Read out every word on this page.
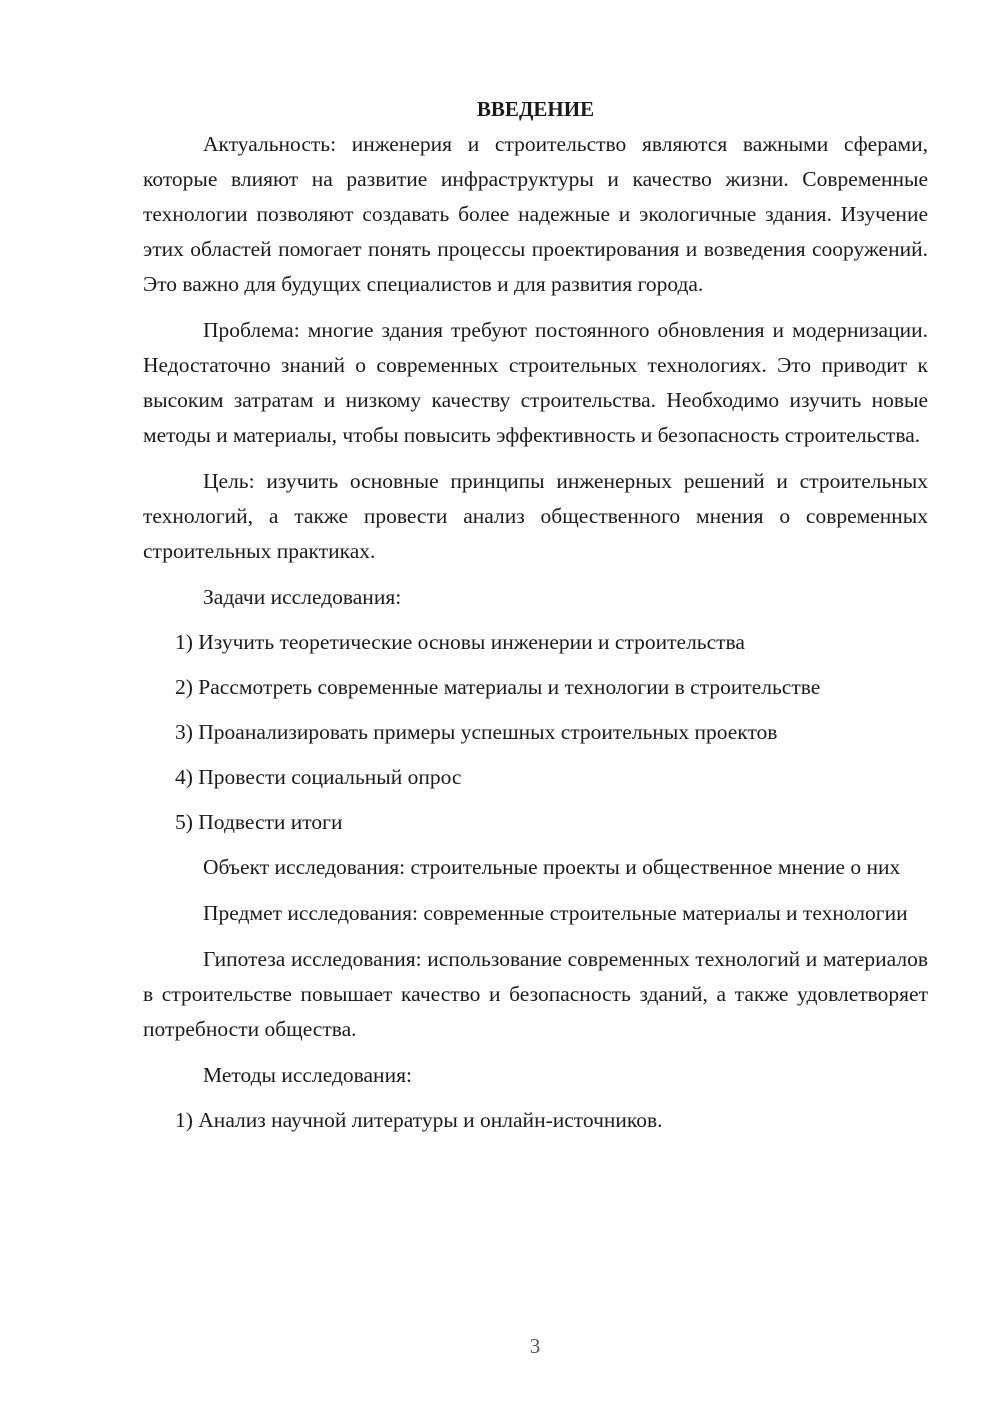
ВВЕДЕНИЕ

Актуальность: инженерия и строительство являются важными сферами, которые влияют на развитие инфраструктуры и качество жизни. Современные технологии позволяют создавать более надежные и экологичные здания. Изучение этих областей помогает понять процессы проектирования и возведения сооружений. Это важно для будущих специалистов и для развития города.

Проблема: многие здания требуют постоянного обновления и модернизации. Недостаточно знаний о современных строительных технологиях. Это приводит к высоким затратам и низкому качеству строительства. Необходимо изучить новые методы и материалы, чтобы повысить эффективность и безопасность строительства.

Цель: изучить основные принципы инженерных решений и строительных технологий, а также провести анализ общественного мнения о современных строительных практиках.

Задачи исследования:
1) Изучить теоретические основы инженерии и строительства
2) Рассмотреть современные материалы и технологии в строительстве
3) Проанализировать примеры успешных строительных проектов
4) Провести социальный опрос
5) Подвести итоги

Объект исследования: строительные проекты и общественное мнение о них

Предмет исследования: современные строительные материалы и технологии

Гипотеза исследования: использование современных технологий и материалов в строительстве повышает качество и безопасность зданий, а также удовлетворяет потребности общества.

Методы исследования:
1) Анализ научной литературы и онлайн-источников.
3
